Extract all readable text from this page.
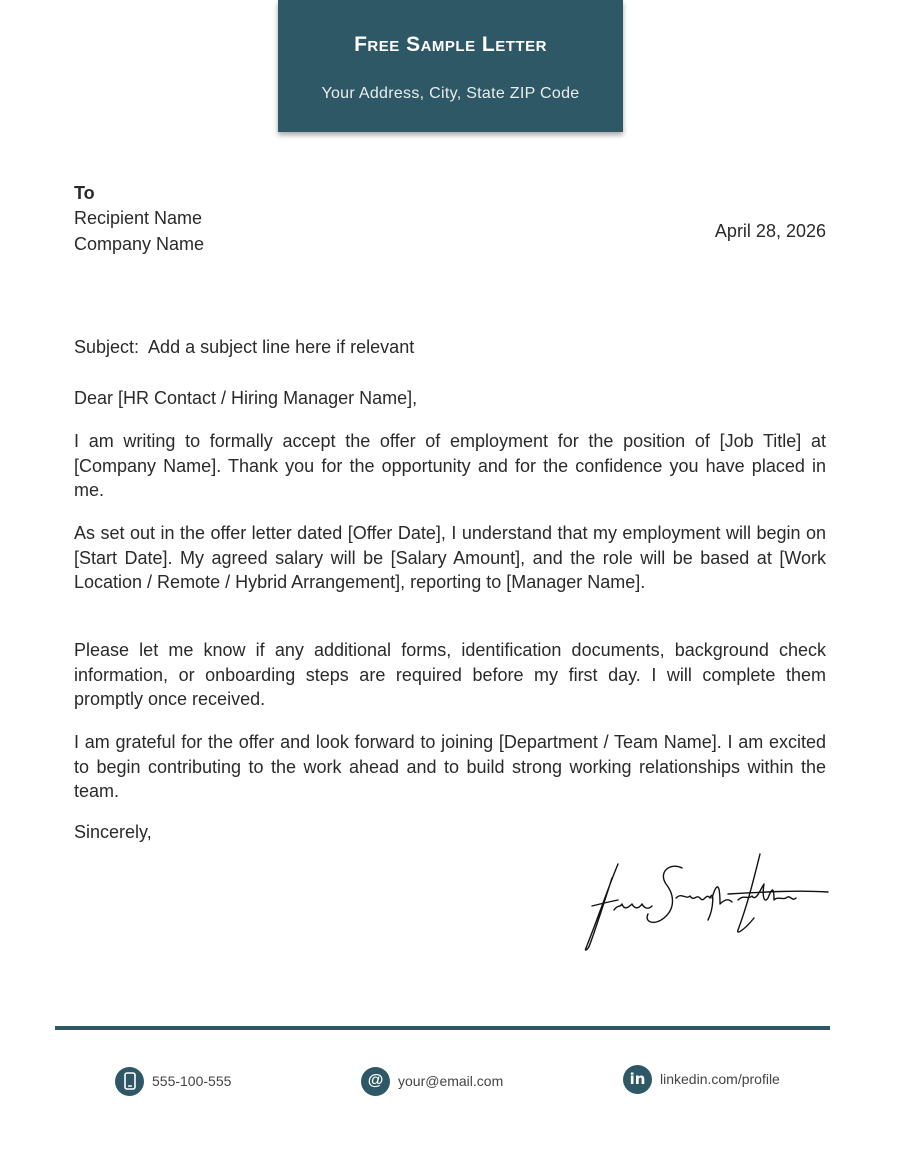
Free Sample Letter
Your Address, City, State ZIP Code
To
Recipient Name
Company Name
April 28, 2026
Subject:  Add a subject line here if relevant
Dear [HR Contact / Hiring Manager Name],

I am writing to formally accept the offer of employment for the position of [Job Title] at [Company Name]. Thank you for the opportunity and for the confidence you have placed in me.

As set out in the offer letter dated [Offer Date], I understand that my employment will begin on [Start Date]. My agreed salary will be [Salary Amount], and the role will be based at [Work Location / Remote / Hybrid Arrangement], reporting to [Manager Name].

Please let me know if any additional forms, identification documents, background check information, or onboarding steps are required before my first day. I will complete them promptly once received.

I am grateful for the offer and look forward to joining [Department / Team Name]. I am excited to begin contributing to the work ahead and to build strong working relationships within the team.

Sincerely,
555-100-555	@	your@email.com	in	linkedin.com/profile
